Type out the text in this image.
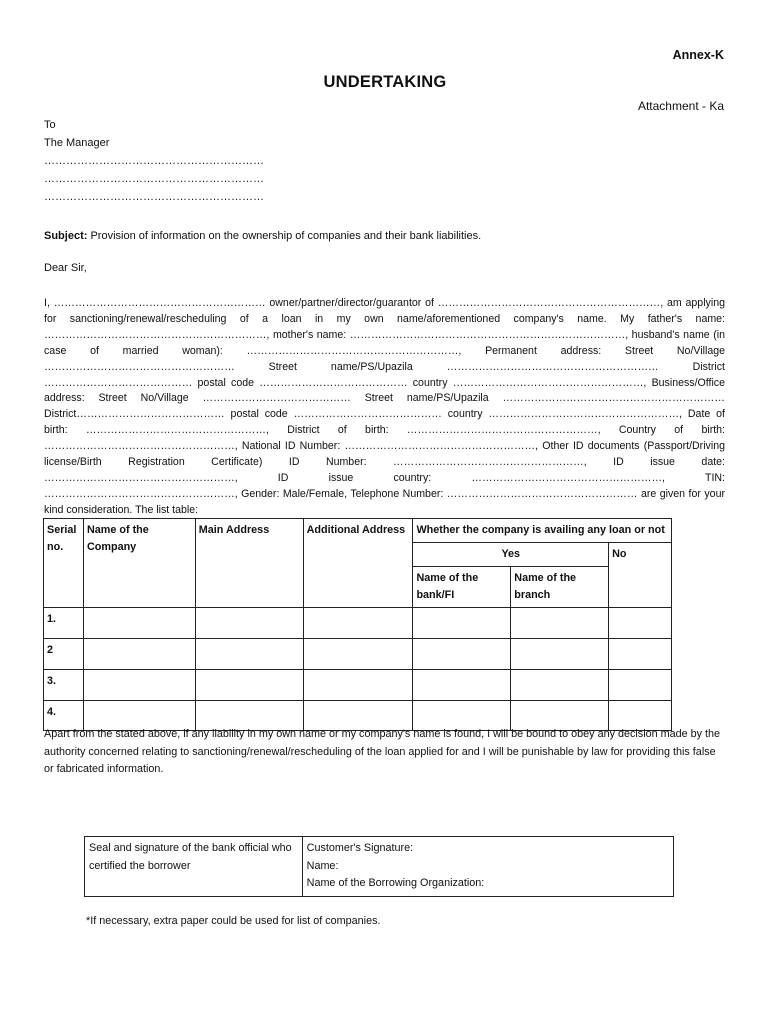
Annex-K
UNDERTAKING
Attachment - Ka
To
The Manager
……………………………………………………
……………………………………………………
……………………………………………………
Subject: Provision of information on the ownership of companies and their bank liabilities.
Dear Sir,
I, …………………………………………………… owner/partner/director/guarantor of ………………………………………………………, am applying for sanctioning/renewal/rescheduling of a loan in my own name/aforementioned company's name. My father's name: ………………………………………………………, mother's name: ……………………………………………………………………, husband's name (in case of married woman): ……………………………………………………, Permanent address: Street No/Village ……………………………………………… Street name/PS/Upazila …………………………………………………… District …………………………………… postal code …………………………………… country ………………………………………………, Business/Office address: Street No/Village …………………………………… Street name/PS/Upazila ……………………………………………………… District…………………………………… postal code …………………………………… country ………………………………………………, Date of birth: ……………………………………………, District of birth: ………………………………………………, Country of birth: ………………………………………………, National ID Number: ………………………………………………, Other ID documents (Passport/Driving license/Birth Registration Certificate) ID Number: ………………………………………………, ID issue date: ………………………………………………, ID issue country: ………………………………………………, TIN: ………………………………………………, Gender: Male/Female, Telephone Number: ……………………………………………… are given for your kind consideration. The list table:
Serial no.	Name of the Company	Main Address	Additional Address	Whether the company is availing any loan or not		
				Yes		No
				Name of the bank/FI	Name of the branch	
1.						
2						
3.						
4.						
Apart from the stated above, if any liability in my own name or my company's name is found, I will be bound to obey any decision made by the authority concerned relating to sanctioning/renewal/rescheduling of the loan applied for and I will be punishable by law for providing this false or fabricated information.
Seal and signature of the bank official who certified the borrower	
Customer's Signature:
Name:
Name of the Borrowing Organization:
*If necessary, extra paper could be used for list of companies.
